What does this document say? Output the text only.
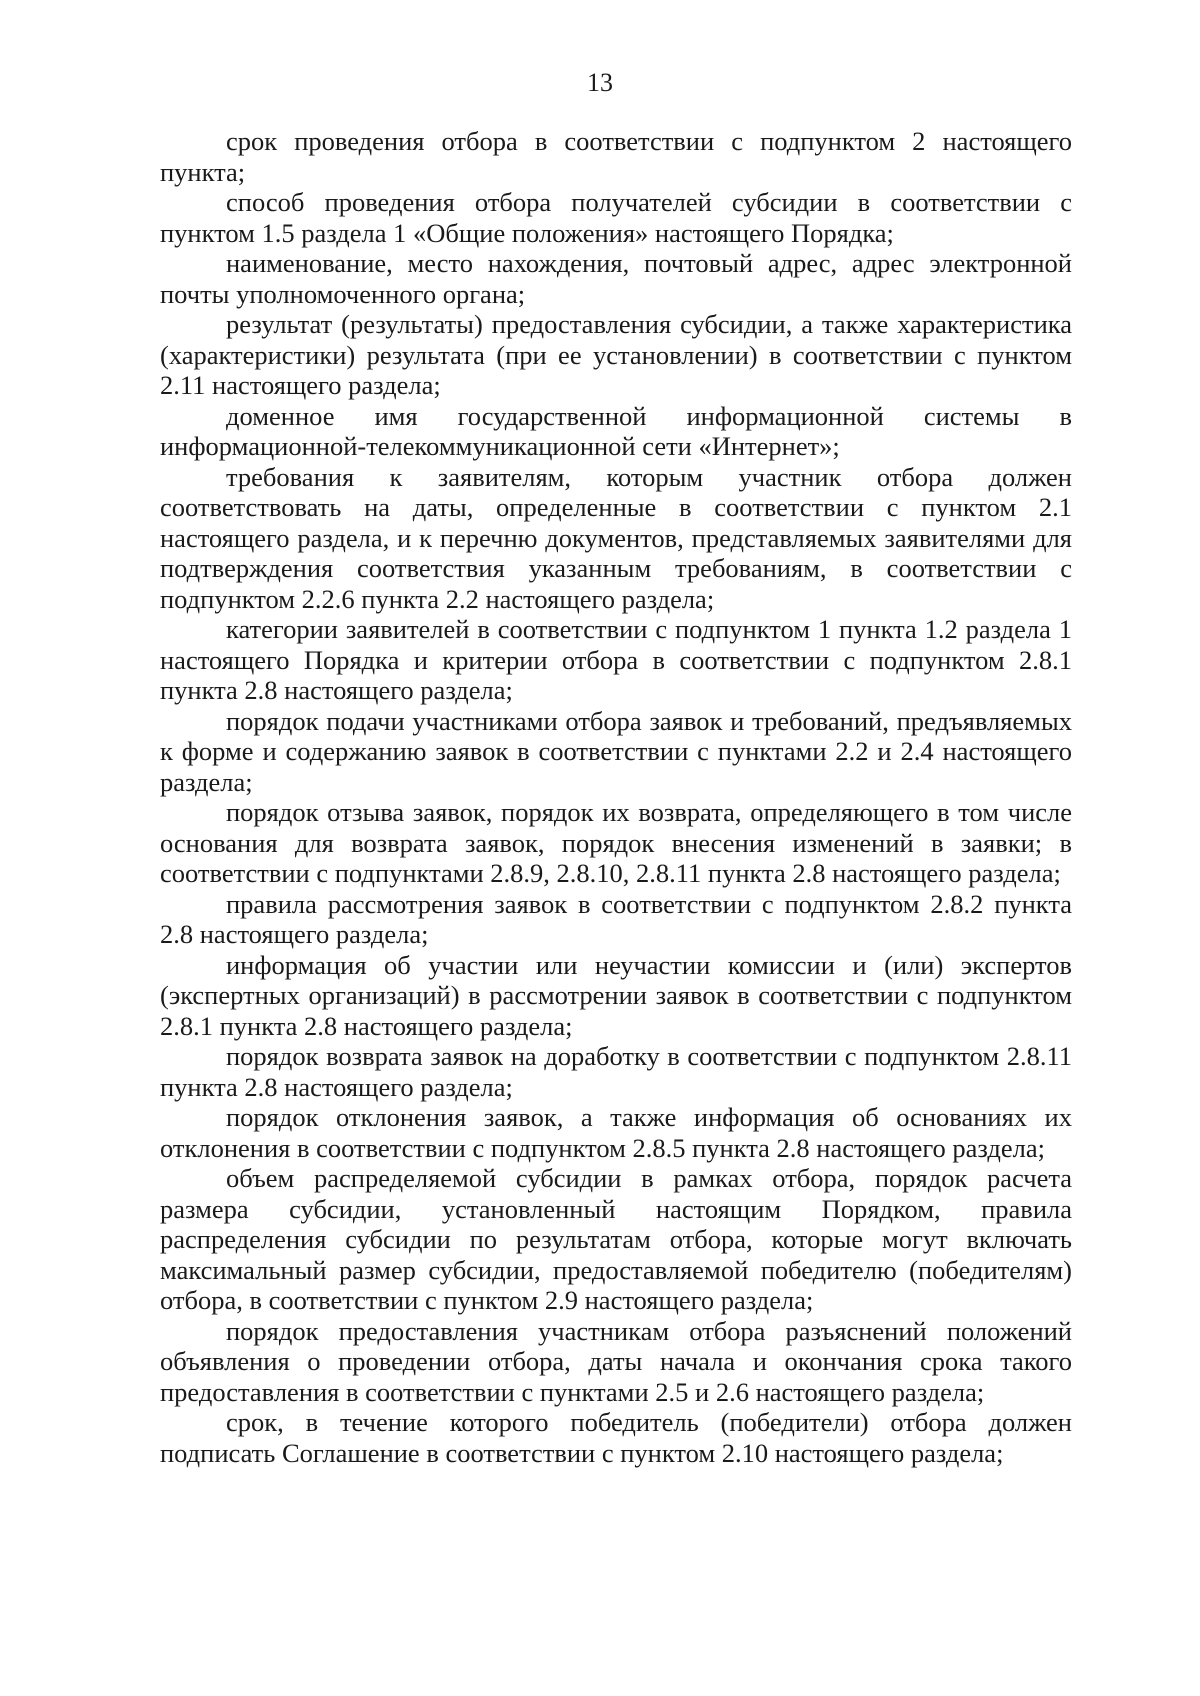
13
срок проведения отбора в соответствии с подпунктом 2 настоящего
пункта;
способ проведения отбора получателей субсидии в соответствии с
пунктом 1.5 раздела 1 «Общие положения» настоящего Порядка;
наименование, место нахождения, почтовый адрес, адрес электронной
почты уполномоченного органа;
результат (результаты) предоставления субсидии, а также характеристика
(характеристики) результата (при ее установлении) в соответствии с пунктом
2.11 настоящего раздела;
доменное имя государственной информационной системы в
информационной-телекоммуникационной сети «Интернет»;
требования к заявителям, которым участник отбора должен
соответствовать на даты, определенные в соответствии с пунктом 2.1
настоящего раздела, и к перечню документов, представляемых заявителями для
подтверждения соответствия указанным требованиям, в соответствии с
подпунктом 2.2.6 пункта 2.2 настоящего раздела;
категории заявителей в соответствии с подпунктом 1 пункта 1.2 раздела 1
настоящего Порядка и критерии отбора в соответствии с подпунктом 2.8.1
пункта 2.8 настоящего раздела;
порядок подачи участниками отбора заявок и требований, предъявляемых
к форме и содержанию заявок в соответствии с пунктами 2.2 и 2.4 настоящего
раздела;
порядок отзыва заявок, порядок их возврата, определяющего в том числе
основания для возврата заявок, порядок внесения изменений в заявки; в
соответствии с подпунктами 2.8.9, 2.8.10, 2.8.11 пункта 2.8 настоящего раздела;
правила рассмотрения заявок в соответствии с подпунктом 2.8.2 пункта
2.8 настоящего раздела;
информация об участии или неучастии комиссии и (или) экспертов
(экспертных организаций) в рассмотрении заявок в соответствии с подпунктом
2.8.1 пункта 2.8 настоящего раздела;
порядок возврата заявок на доработку в соответствии с подпунктом 2.8.11
пункта 2.8 настоящего раздела;
порядок отклонения заявок, а также информация об основаниях их
отклонения в соответствии с подпунктом 2.8.5 пункта 2.8 настоящего раздела;
объем распределяемой субсидии в рамках отбора, порядок расчета
размера субсидии, установленный настоящим Порядком, правила
распределения субсидии по результатам отбора, которые могут включать
максимальный размер субсидии, предоставляемой победителю (победителям)
отбора, в соответствии с пунктом 2.9 настоящего раздела;
порядок предоставления участникам отбора разъяснений положений
объявления о проведении отбора, даты начала и окончания срока такого
предоставления в соответствии с пунктами 2.5 и 2.6 настоящего раздела;
срок, в течение которого победитель (победители) отбора должен
подписать Соглашение в соответствии с пунктом 2.10 настоящего раздела;
